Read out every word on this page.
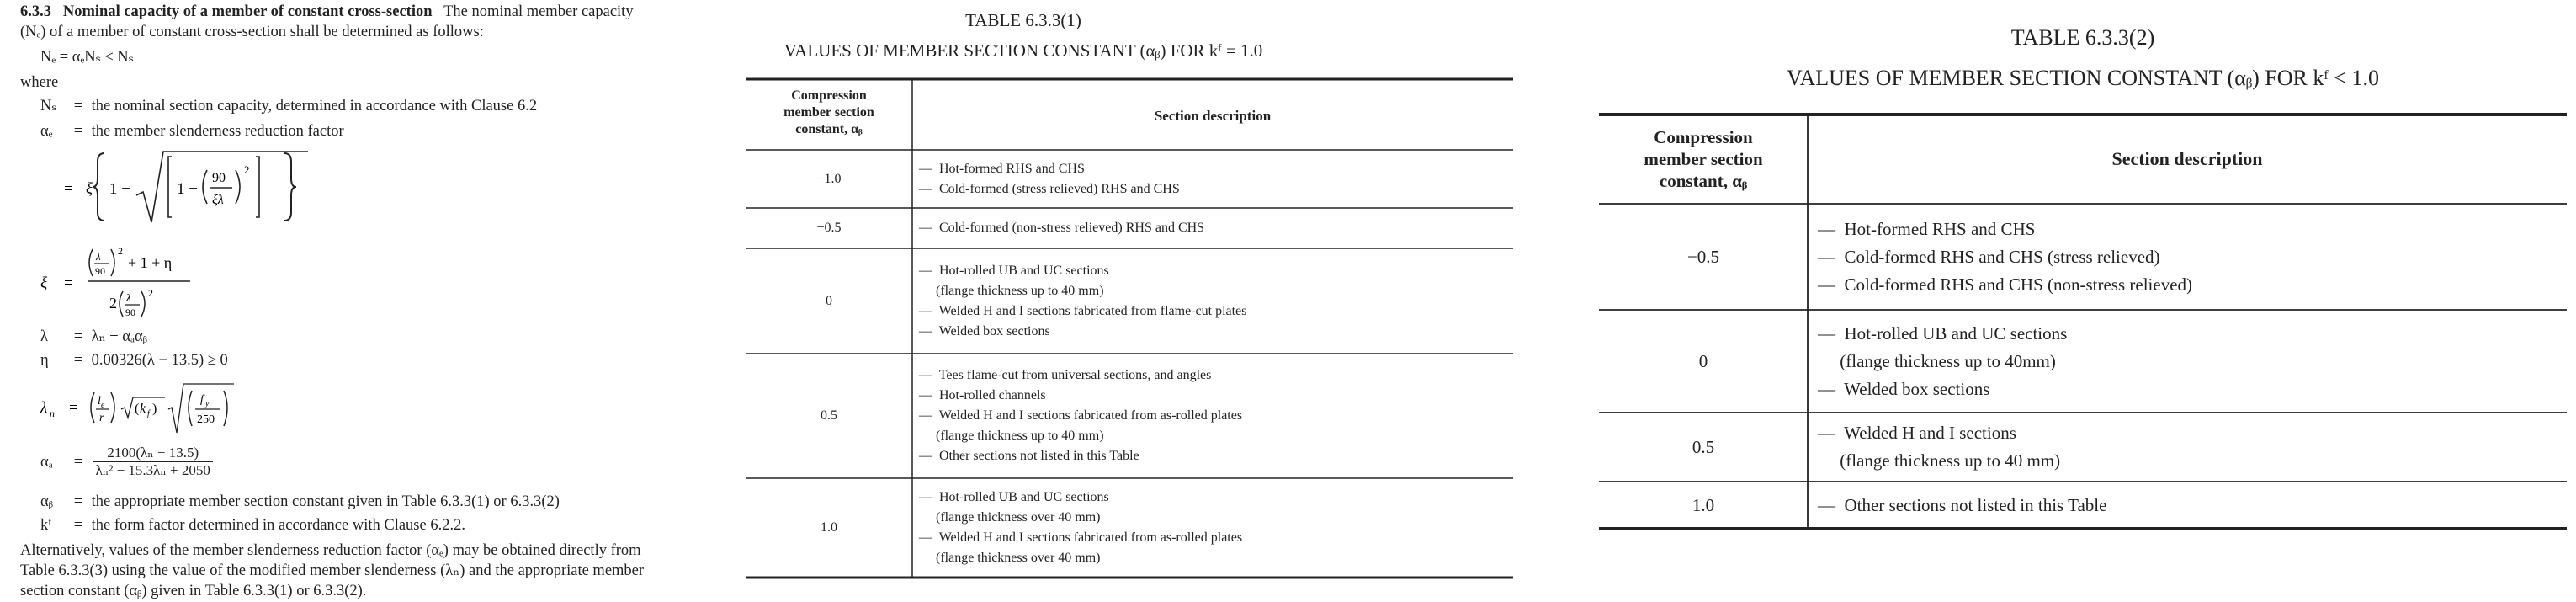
6.3.3 Nominal capacity of a member of constant cross-section The nominal member capacity
(Nₑ) of a member of constant cross-section shall be determined as follows:
Nₑ = αₑNₛ ≤ Nₛ
where
Nₛ = the nominal section capacity, determined in accordance with Clause 6.2
αₑ = the member slenderness reduction factor
= ξ 1 −	1 −
90
ξλ
2
ξ =
λ
90
2
+ 1 + η
2 λ
90
2
λ = λₙ + αₐαᵦ
η = 0.00326(λ − 13.5) ≥ 0
λ n = l e
r
( k f )
f y
250
$\alpha_a = \frac{\text{2100(λₙ − 13.5)}}{\text{λₙ² − 15.3λₙ + 2050}}$
αᵦ = the appropriate member section constant given in Table 6.3.3(1) or 6.3.3(2)
kᶠ = the form factor determined in accordance with Clause 6.2.2.
Alternatively, values of the member slenderness reduction factor (αₑ) may be obtained directly from
Table 6.3.3(3) using the value of the modified member slenderness (λₙ) and the appropriate member
section constant (αᵦ) given in Table 6.3.3(1) or 6.3.3(2).
TABLE 6.3.3(1)
VALUES OF MEMBER SECTION CONSTANT (αᵦ) FOR kᶠ = 1.0
Compression
member section
constant, αᵦ
Section description
−1.0
—  Hot-formed RHS and CHS
—  Cold-formed (stress relieved) RHS and CHS
−0.5	—  Cold-formed (non-stress relieved) RHS and CHS
0
—  Hot-rolled UB and UC sections
(flange thickness up to 40 mm)
—  Welded H and I sections fabricated from flame-cut plates
—  Welded box sections
0.5
—  Tees flame-cut from universal sections, and angles
—  Hot-rolled channels
—  Welded H and I sections fabricated from as-rolled plates
(flange thickness up to 40 mm)
—  Other sections not listed in this Table
1.0
—  Hot-rolled UB and UC sections
(flange thickness over 40 mm)
—  Welded H and I sections fabricated from as-rolled plates
(flange thickness over 40 mm)
TABLE 6.3.3(2)
VALUES OF MEMBER SECTION CONSTANT (αᵦ) FOR kᶠ < 1.0
Compression
member section
constant, αᵦ
Section description
−0.5
—  Hot-formed RHS and CHS
—  Cold-formed RHS and CHS (stress relieved)
—  Cold-formed RHS and CHS (non-stress relieved)
0
—  Hot-rolled UB and UC sections
(flange thickness up to 40mm)
—  Welded box sections
0.5
—  Welded H and I sections
(flange thickness up to 40 mm)
1.0	—  Other sections not listed in this Table
